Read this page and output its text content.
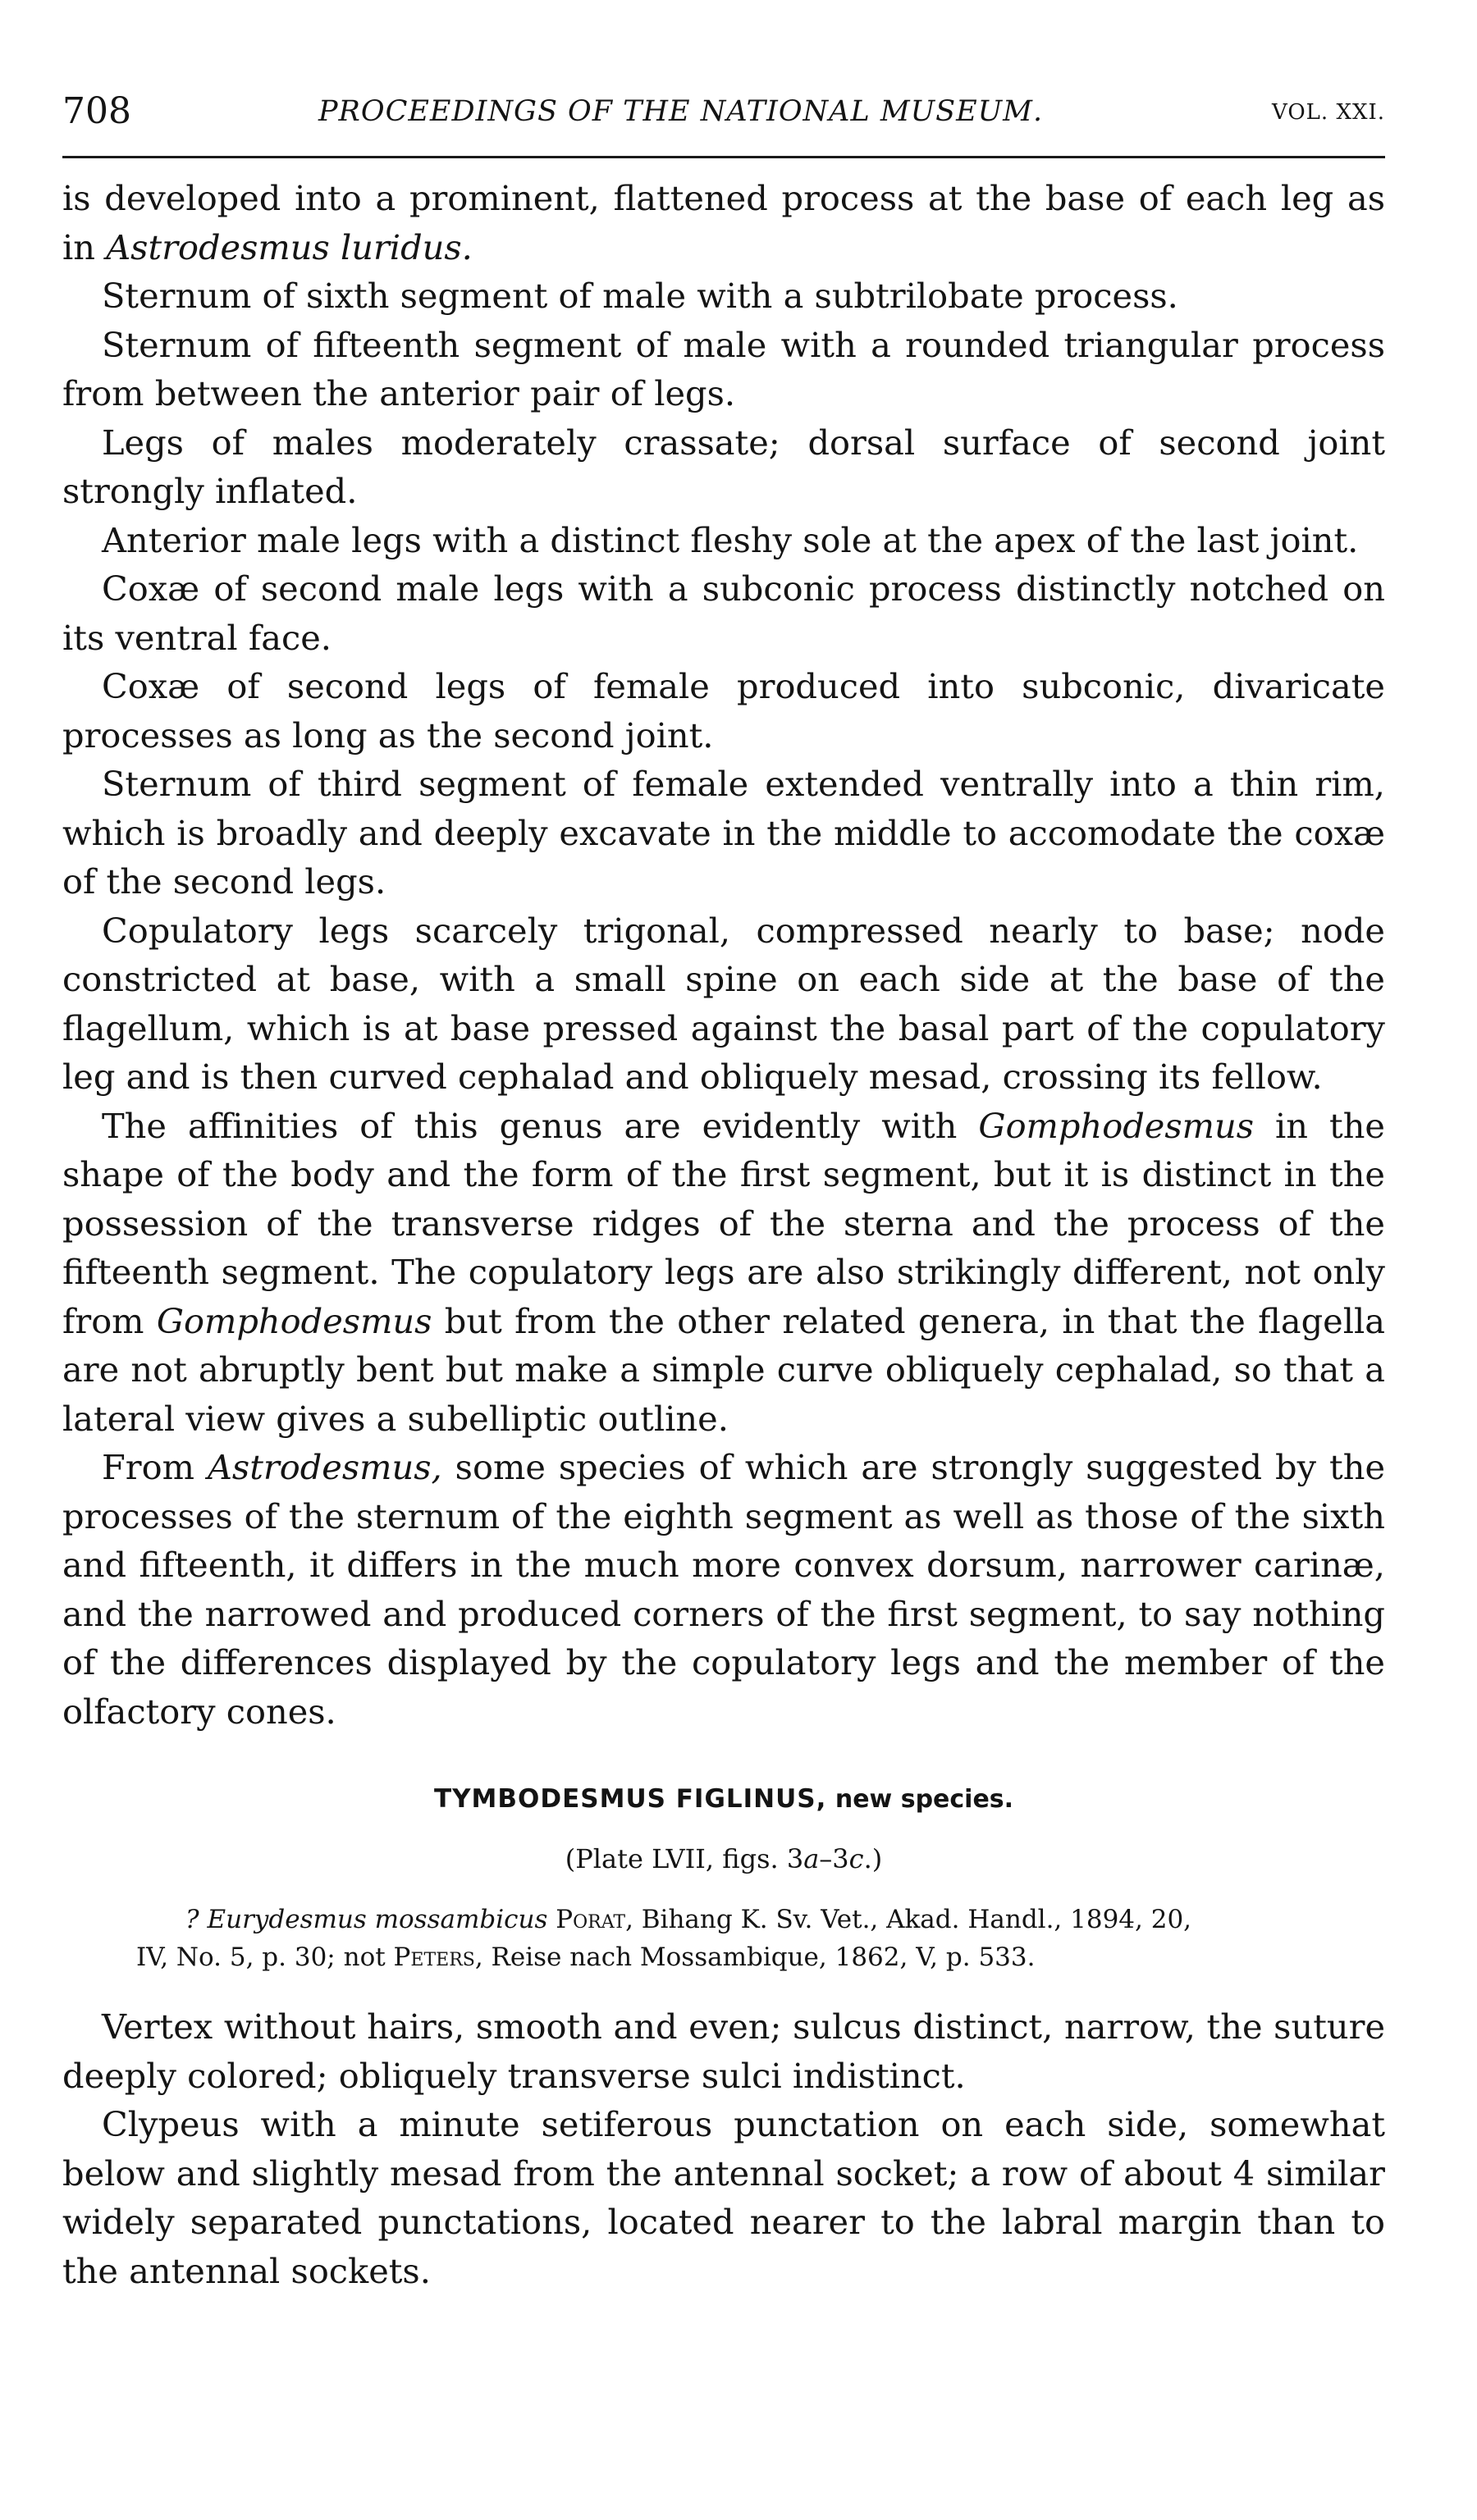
708	PROCEEDINGS OF THE NATIONAL MUSEUM.	VOL. XXI.

is developed into a prominent, flattened process at the base of each leg as in Astrodesmus luridus.

Sternum of sixth segment of male with a subtrilobate process.

Sternum of fifteenth segment of male with a rounded triangular process from between the anterior pair of legs.

Legs of males moderately crassate; dorsal surface of second joint strongly inflated.

Anterior male legs with a distinct fleshy sole at the apex of the last joint.

Coxæ of second male legs with a subconic process distinctly notched on its ventral face.

Coxæ of second legs of female produced into subconic, divaricate processes as long as the second joint.

Sternum of third segment of female extended ventrally into a thin rim, which is broadly and deeply excavate in the middle to accomodate the coxæ of the second legs.

Copulatory legs scarcely trigonal, compressed nearly to base; node constricted at base, with a small spine on each side at the base of the flagellum, which is at base pressed against the basal part of the copulatory leg and is then curved cephalad and obliquely mesad, crossing its fellow.

The affinities of this genus are evidently with Gomphodesmus in the shape of the body and the form of the first segment, but it is distinct in the possession of the transverse ridges of the sterna and the process of the fifteenth segment. The copulatory legs are also strikingly different, not only from Gomphodesmus but from the other related genera, in that the flagella are not abruptly bent but make a simple curve obliquely cephalad, so that a lateral view gives a subelliptic outline.

From Astrodesmus, some species of which are strongly suggested by the processes of the sternum of the eighth segment as well as those of the sixth and fifteenth, it differs in the much more convex dorsum, narrower carinæ, and the narrowed and produced corners of the first segment, to say nothing of the differences displayed by the copulatory legs and the member of the olfactory cones.

TYMBODESMUS FIGLINUS, new species.
(Plate LVII, figs. 3a–3c.)
? Eurydesmus mossambicus Porat, Bihang K. Sv. Vet., Akad. Handl., 1894, 20,
IV, No. 5, p. 30; not Peters, Reise nach Mossambique, 1862, V, p. 533.

Vertex without hairs, smooth and even; sulcus distinct, narrow, the suture deeply colored; obliquely transverse sulci indistinct.

Clypeus with a minute setiferous punctation on each side, somewhat below and slightly mesad from the antennal socket; a row of about 4 similar widely separated punctations, located nearer to the labral margin than to the antennal sockets.
